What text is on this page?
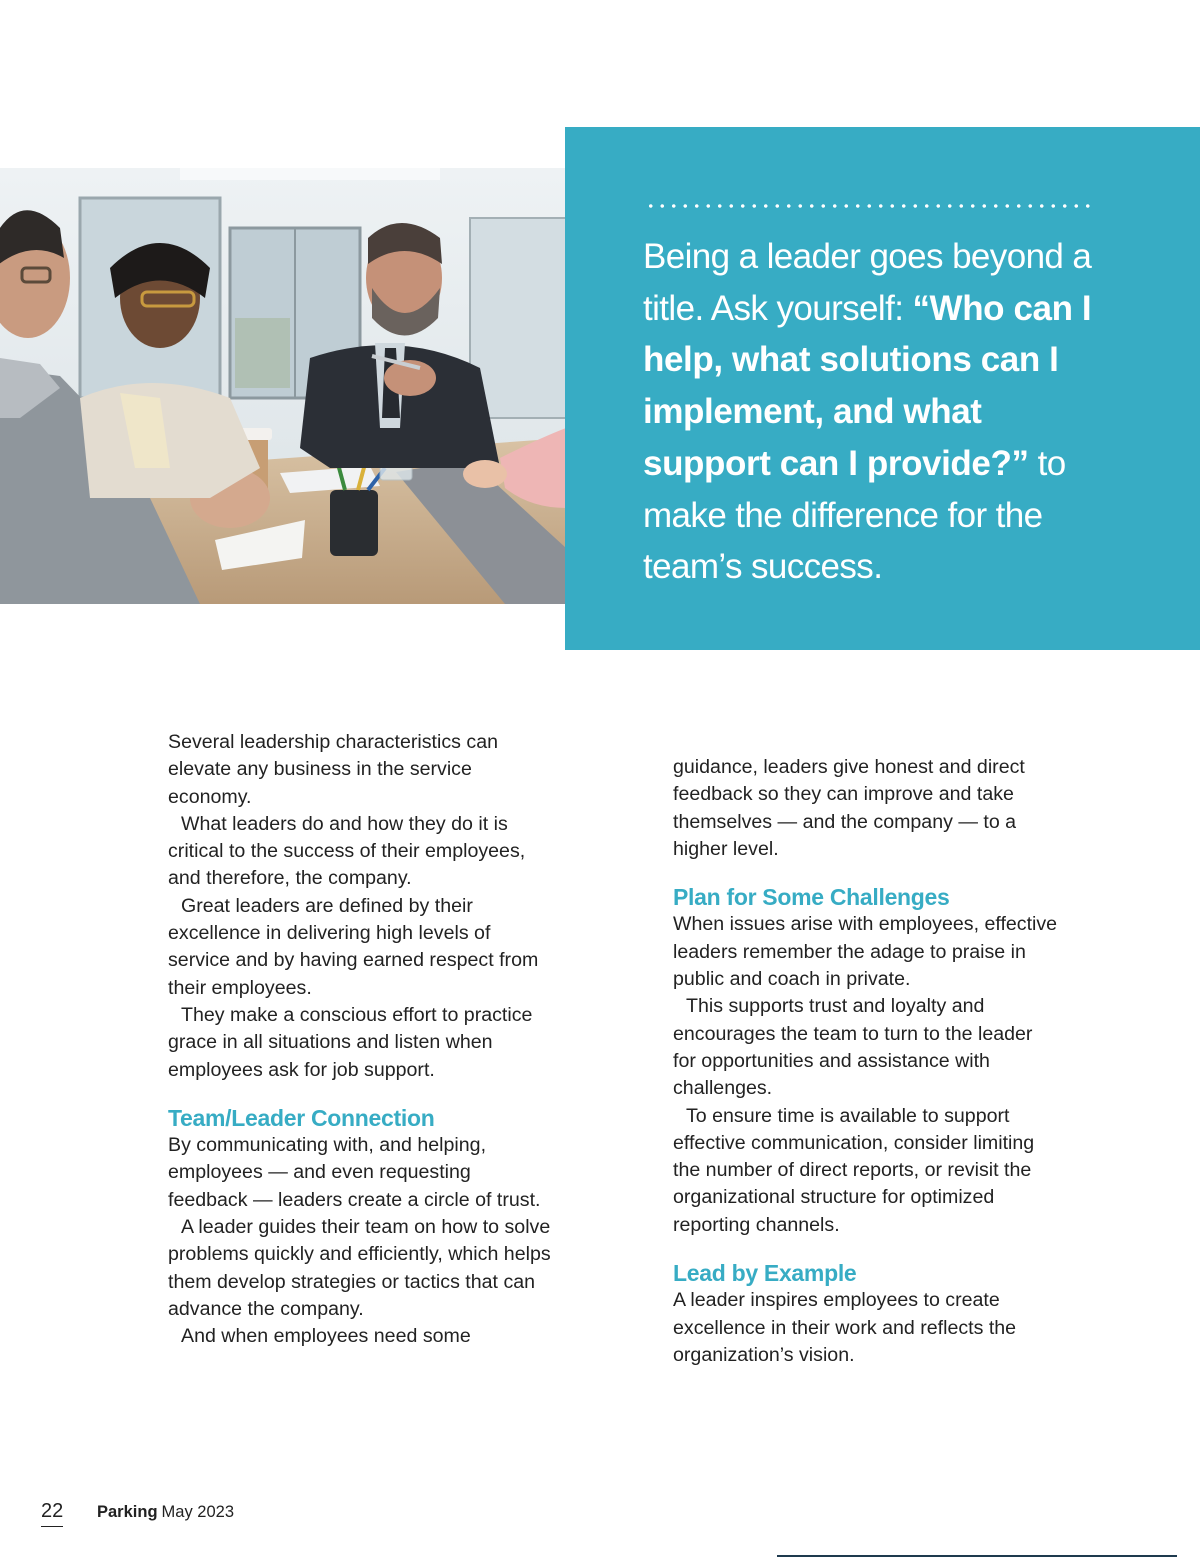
Being a leader goes beyond a title. Ask yourself: “Who can I help, what solutions can I implement, and what support can I provide?” to make the difference for the team’s success.

Several leadership characteristics can elevate any business in the service economy.

What leaders do and how they do it is critical to the success of their employees, and therefore, the company.

Great leaders are defined by their excellence in delivering high levels of service and by having earned respect from their employees.

They make a conscious effort to practice grace in all situations and listen when employees ask for job support.

Team/Leader Connection

By communicating with, and helping, employees — and even requesting feedback — leaders create a circle of trust.

A leader guides their team on how to solve problems quickly and efficiently, which helps them develop strategies or tactics that can advance the company.

And when employees need some

guidance, leaders give honest and direct feedback so they can improve and take themselves — and the company — to a higher level.

Plan for Some Challenges

When issues arise with employees, effective leaders remember the adage to praise in public and coach in private.

This supports trust and loyalty and encourages the team to turn to the leader for opportunities and assistance with challenges.

To ensure time is available to support effective communication, consider limiting the number of direct reports, or revisit the organizational structure for optimized reporting channels.

Lead by Example

A leader inspires employees to create excellence in their work and reflects the organization’s vision.

22 Parking May 2023
